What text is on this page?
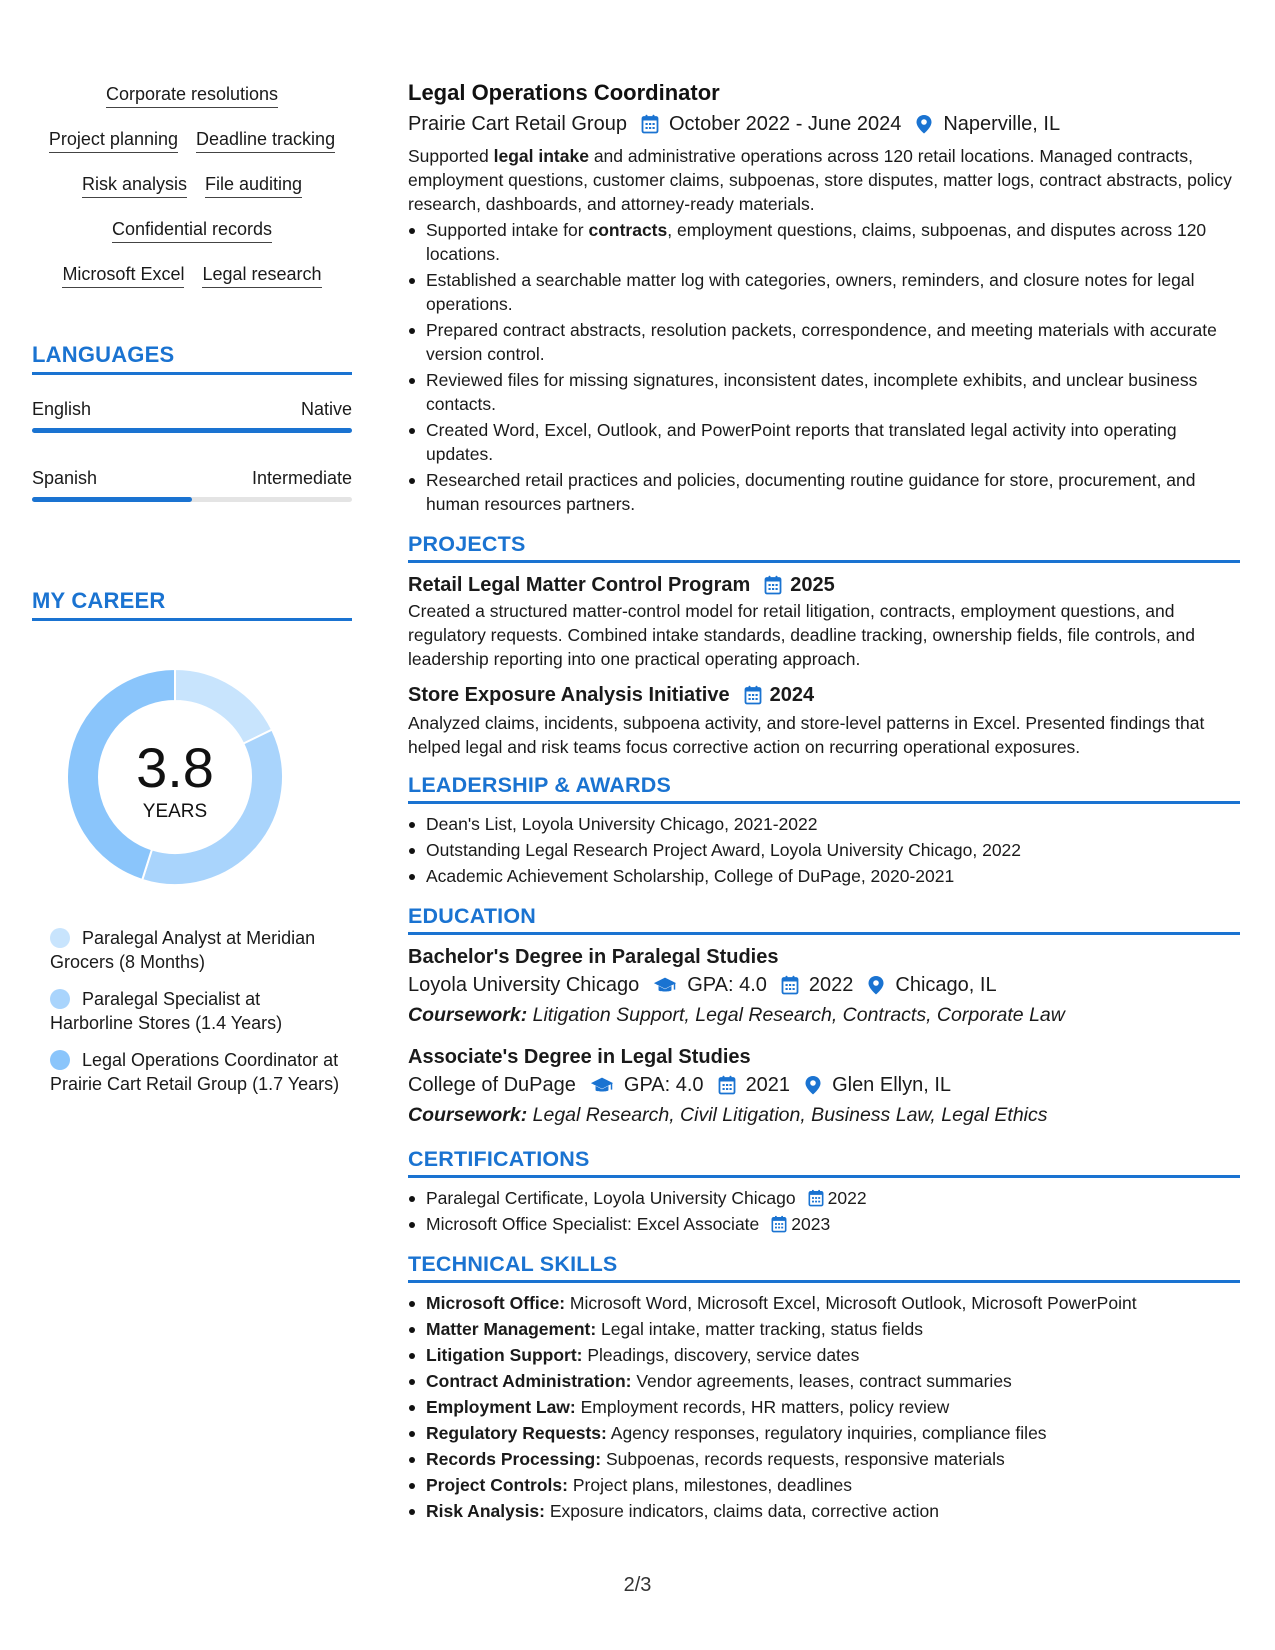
Corporate resolutions
Project planning Deadline tracking
Risk analysis File auditing
Confidential records
Microsoft Excel Legal research
LANGUAGES
English	Native
Spanish	Intermediate
MY CAREER
3.8
YEARS
Paralegal Analyst at Meridian Grocers (8 Months)
Paralegal Specialist at Harborline Stores (1.4 Years)
Legal Operations Coordinator at Prairie Cart Retail Group (1.7 Years)
Legal Operations Coordinator
Prairie Cart Retail Group October 2022 - June 2024 Naperville, IL

Supported legal intake and administrative operations across 120 retail locations. Managed contracts, employment questions, customer claims, subpoenas, store disputes, matter logs, contract abstracts, policy research, dashboards, and attorney-ready materials.

Supported intake for contracts, employment questions, claims, subpoenas, and disputes across 120 locations.
Established a searchable matter log with categories, owners, reminders, and closure notes for legal operations.
Prepared contract abstracts, resolution packets, correspondence, and meeting materials with accurate version control.
Reviewed files for missing signatures, inconsistent dates, incomplete exhibits, and unclear business contacts.
Created Word, Excel, Outlook, and PowerPoint reports that translated legal activity into operating updates.
Researched retail practices and policies, documenting routine guidance for store, procurement, and human resources partners.
PROJECTS
Retail Legal Matter Control Program 2025

Created a structured matter-control model for retail litigation, contracts, employment questions, and regulatory requests. Combined intake standards, deadline tracking, ownership fields, file controls, and leadership reporting into one practical operating approach.

Store Exposure Analysis Initiative 2024

Analyzed claims, incidents, subpoena activity, and store-level patterns in Excel. Presented findings that helped legal and risk teams focus corrective action on recurring operational exposures.

LEADERSHIP & AWARDS
Dean's List, Loyola University Chicago, 2021-2022
Outstanding Legal Research Project Award, Loyola University Chicago, 2022
Academic Achievement Scholarship, College of DuPage, 2020-2021
EDUCATION
Bachelor's Degree in Paralegal Studies
Loyola University Chicago GPA: 4.0 2022 Chicago, IL
Coursework: Litigation Support, Legal Research, Contracts, Corporate Law
Associate's Degree in Legal Studies
College of DuPage GPA: 4.0 2021 Glen Ellyn, IL
Coursework: Legal Research, Civil Litigation, Business Law, Legal Ethics
CERTIFICATIONS
Paralegal Certificate, Loyola University Chicago 2022
Microsoft Office Specialist: Excel Associate 2023
TECHNICAL SKILLS
Microsoft Office: Microsoft Word, Microsoft Excel, Microsoft Outlook, Microsoft PowerPoint
Matter Management: Legal intake, matter tracking, status fields
Litigation Support: Pleadings, discovery, service dates
Contract Administration: Vendor agreements, leases, contract summaries
Employment Law: Employment records, HR matters, policy review
Regulatory Requests: Agency responses, regulatory inquiries, compliance files
Records Processing: Subpoenas, records requests, responsive materials
Project Controls: Project plans, milestones, deadlines
Risk Analysis: Exposure indicators, claims data, corrective action
2/3
